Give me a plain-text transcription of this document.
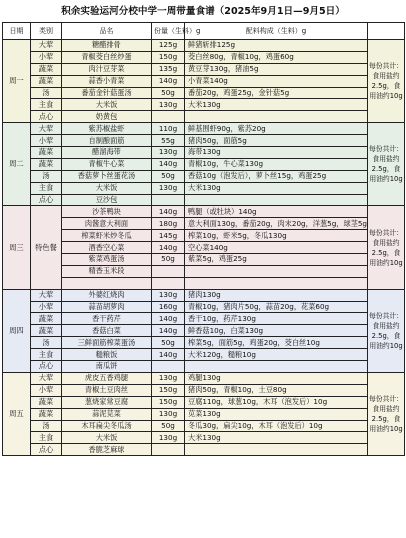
积余实验运河分校中学一周带量食谱（2025年9月1日—9月5日）
日期	类别	品名	份量（生料）g	配料构成（生料）g	
周一	大荤	糖醋排骨	125g	鲜猪斩排125g	每份共计：食用盐约2.5g，食用油约10g
	小荤	青椒茭白丝炒蛋	150g	茭白丝80g，青椒10g，鸡蛋60g	
	蔬菜	肉汁豆芽菜	135g	黄豆芽130g，猪油5g	
	蔬菜	蒜香小青菜	140g	小青菜140g	
	汤	番茄金针菇蛋汤	50g	番茄20g，鸡蛋25g，金针菇5g	
	主食	大米饭	130g	大米130g	
	点心	奶黄包			
周二	大荤	紫苏椒盐虾	110g	鲜基围虾90g，紫苏20g	每份共计：食用盐约2.5g，食用油约10g
	小荤	自制酿面筋	55g	猪肉50g，面筋5g	
	蔬菜	醋溜海带	130g	海带130g	
	蔬菜	青椒牛心菜	140g	青椒10g，牛心菜130g	
	汤	香菇萝卜丝蛋花汤	50g	香菇10g（泡发后），萝卜丝15g，鸡蛋25g	
	主食	大米饭	130g	大米130g	
	点心	豆沙包			
周三	特色餐	沙茶鸭块	140g	鸭腿（或牡块）140g	每份共计：食用盐约2.5g，食用油约10g
		肉酱意大利面	180g	意大利面130g，番茄20g，肉末20g，洋葱5g，球茎5g	
		榨菜虾米炒冬瓜	145g	榨菜10g，虾米5g，冬瓜130g	
		酒香空心菜	140g	空心菜140g	
		紫菜鸡蛋汤	50g	紫菜5g，鸡蛋25g	
		精香玉米段			

周四	大荤	外婆红烧肉	130g	猪肉130g	每份共计：食用盐约2.5g，食用油约10g
	小荤	蒜苗胡萝肉	160g	青椒10g，猪肉片50g，蒜苗20g，花菜60g	
	蔬菜	香干药芹	140g	香干10g，药芹130g	
	蔬菜	香菇白菜	140g	鲜香菇10g，白菜130g	
	汤	三鲜面筋榨菜蛋汤	50g	榨菜5g，面筋5g，鸡蛋20g，茭白丝10g	
	主食	糙粮饭	140g	大米120g，糙粮10g	
	点心	南瓜饼			
周五	大荤	虎皮五香鸡腿	130g	鸡腿130g	每份共计：食用盐约2.5g，食用油约10g
	小荤	青椒土豆肉丝	150g	猪肉50g，青椒10g，土豆80g	
	蔬菜	葱烧家常豆腐	150g	豆腐110g，球葱10g，木耳（泡发后）10g	
	蔬菜	蒜泥苋菜	130g	苋菜130g	
	汤	木耳扁尖冬瓜汤	50g	冬瓜30g，扁尖10g，木耳（泡发后）10g	
	主食	大米饭	130g	大米130g	
	点心	香脆芝麻球			
